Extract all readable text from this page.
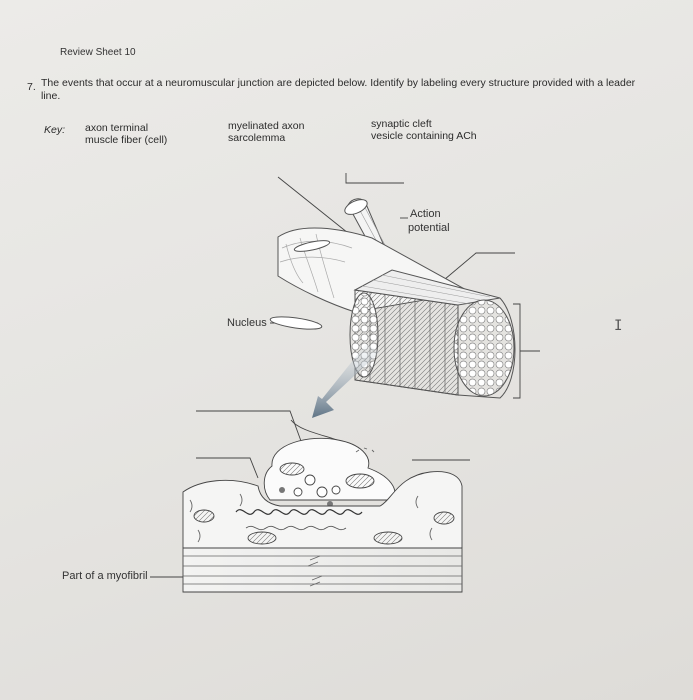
Review Sheet 10
7. The events that occur at a neuromuscular junction are depicted below. Identify by labeling every structure provided with a leader line.
Key: axon terminal
muscle fiber (cell)
myelinated axon
sarcolemma
synaptic cleft
vesicle containing ACh
Action
potential
Nucleus
Part of a myofibril
I
